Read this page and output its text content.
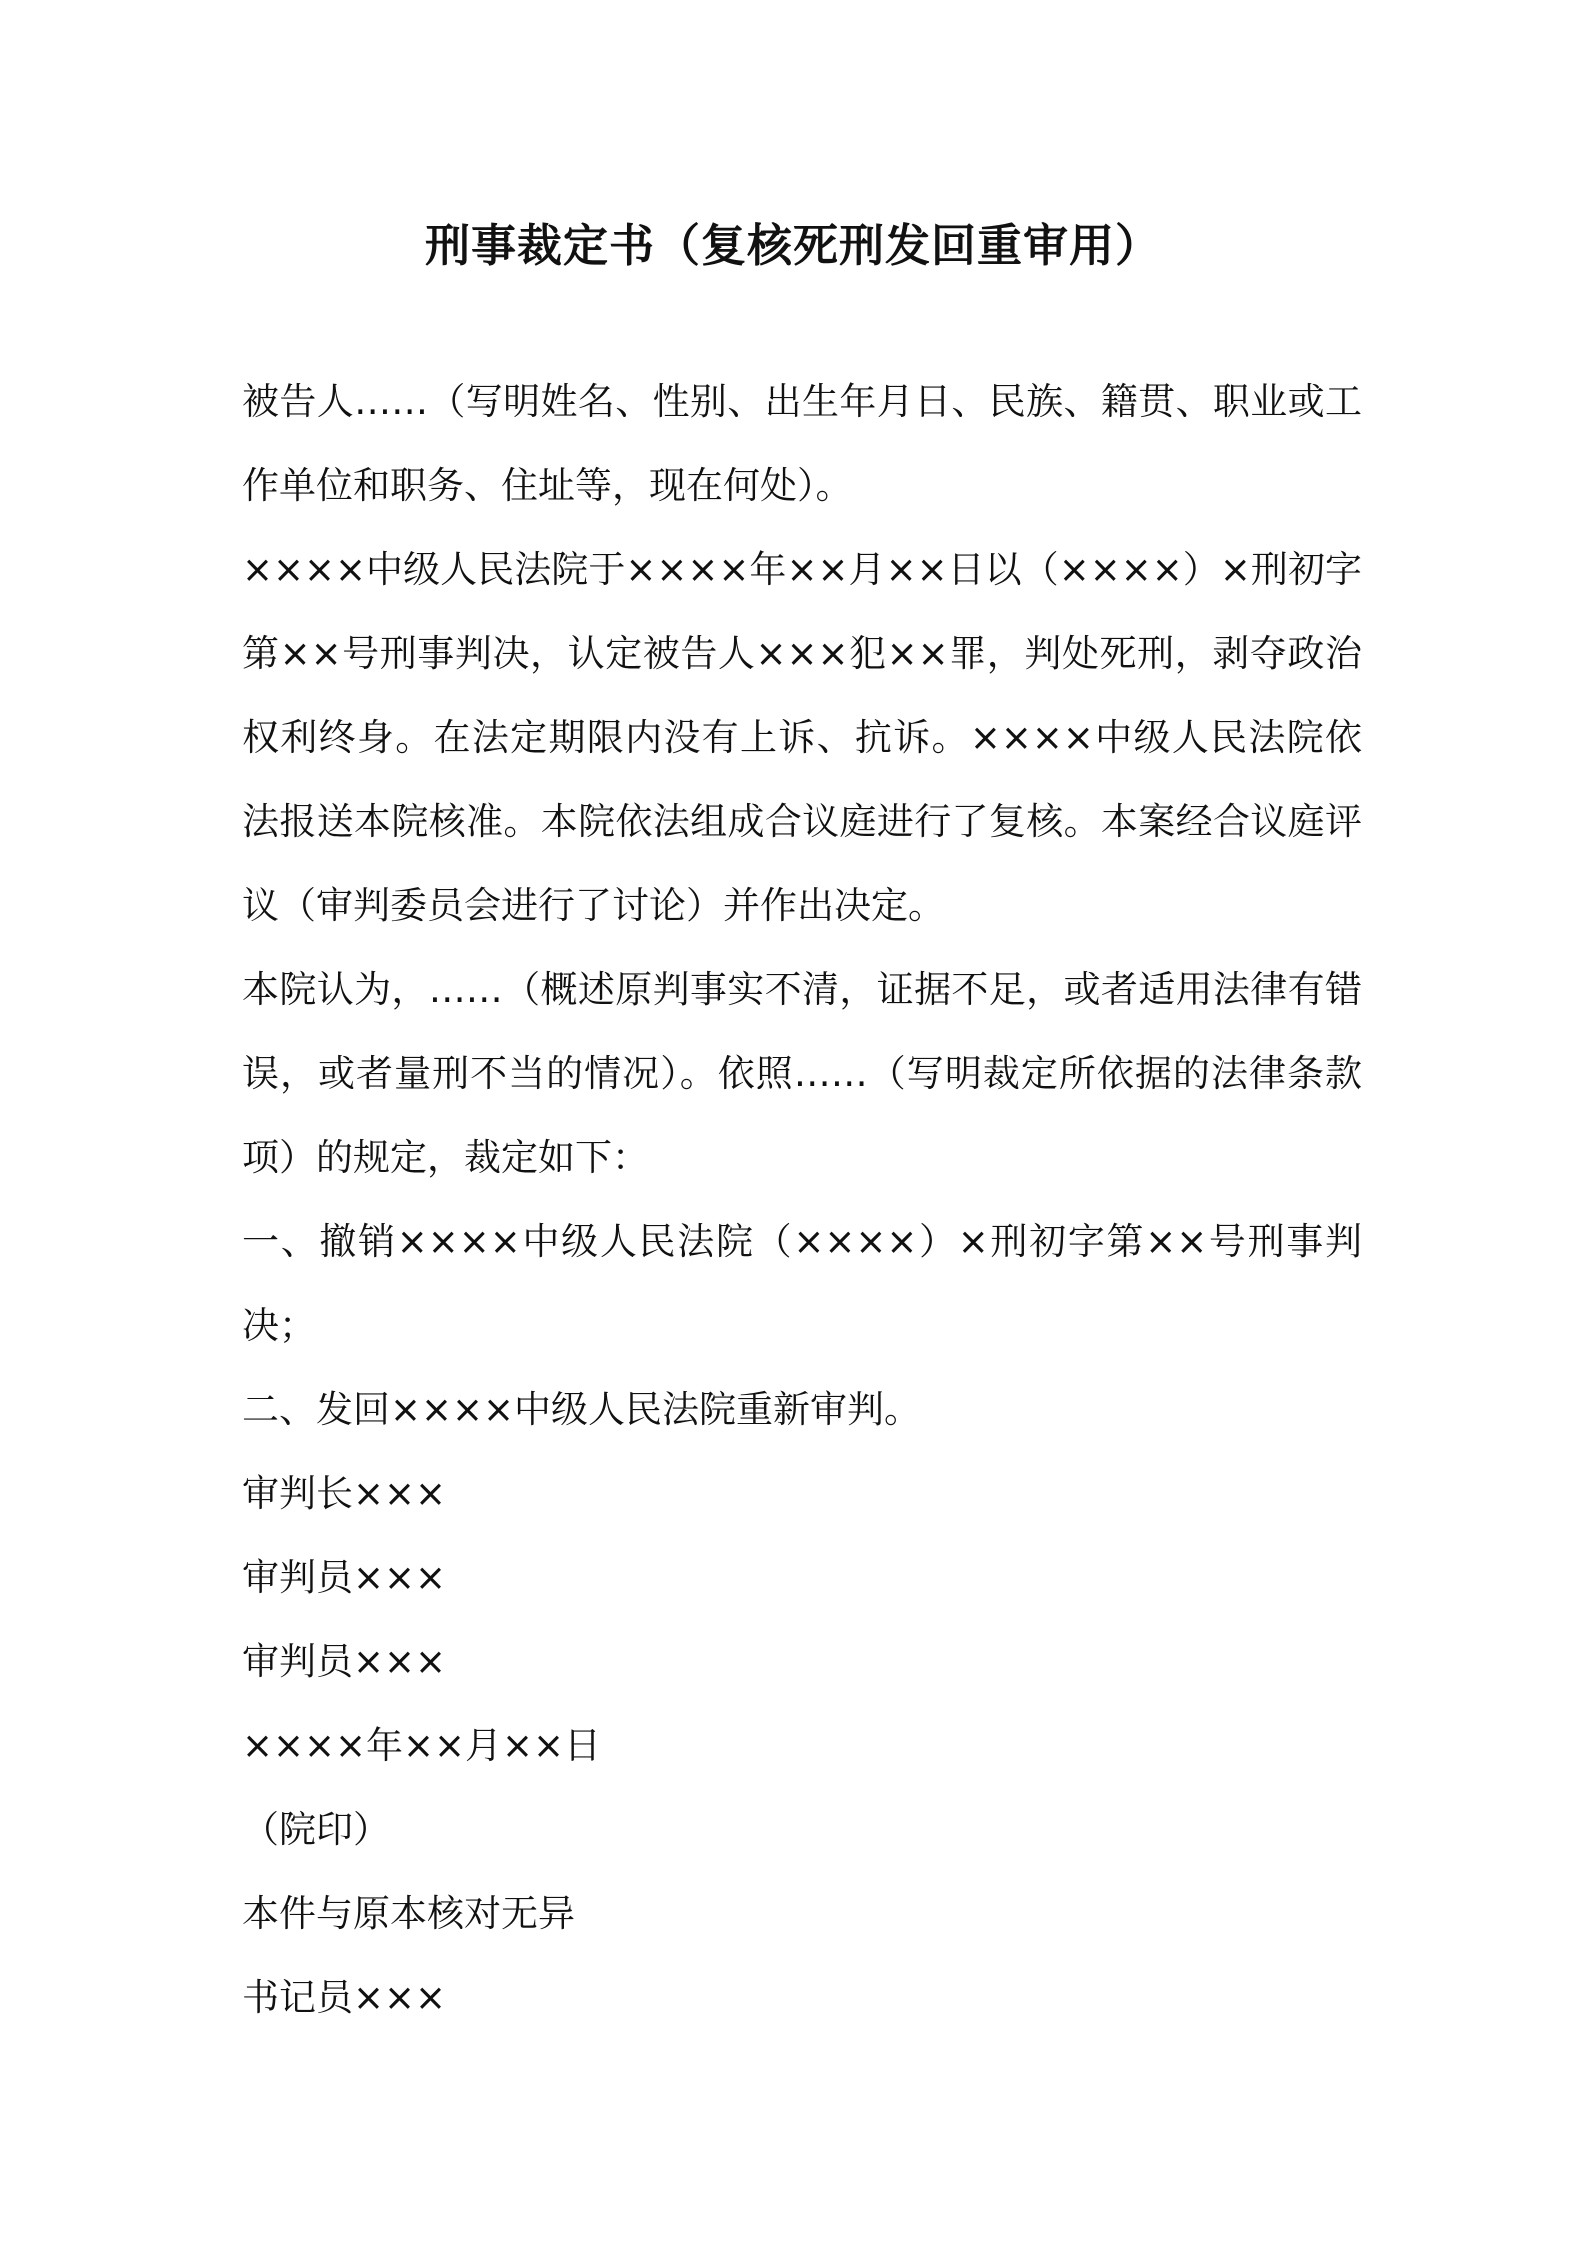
刑事裁定书（复核死刑发回重审用）

被告人……（写明姓名、性别、出生年月日、民族、籍贯、职业或工作单位和职务、住址等，现在何处）。

××××中级人民法院于××××年××月××日以（××××）×刑初字第××号刑事判决，认定被告人×××犯××罪，判处死刑，剥夺政治权利终身。在法定期限内没有上诉、抗诉。××××中级人民法院依法报送本院核准。本院依法组成合议庭进行了复核。本案经合议庭评议（审判委员会进行了讨论）并作出决定。

本院认为，……（概述原判事实不清，证据不足，或者适用法律有错误，或者量刑不当的情况）。依照……（写明裁定所依据的法律条款项）的规定，裁定如下：

一、撤销××××中级人民法院（××××）×刑初字第××号刑事判决；

二、发回××××中级人民法院重新审判。

审判长×××

审判员×××

审判员×××

××××年××月××日

（院印）

本件与原本核对无异

书记员×××
